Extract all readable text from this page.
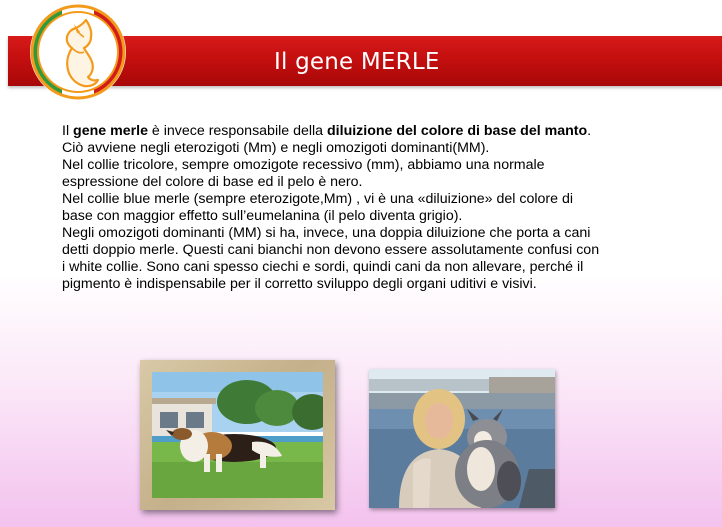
Il gene MERLE

Il gene merle è invece responsabile della diluizione del colore di base del manto. Ciò avviene negli eterozigoti (Mm) e negli omozigoti dominanti(MM).

Nel collie tricolore, sempre omozigote recessivo (mm), abbiamo una normale espressione del colore di base ed il pelo è nero.

Nel collie blue merle (sempre eterozigote,Mm) , vi è una «diluizione» del colore di base con maggior effetto sull’eumelanina (il pelo diventa grigio).

Negli omozigoti dominanti (MM) si ha, invece, una doppia diluizione che porta a cani detti doppio merle. Questi cani bianchi non devono essere assolutamente confusi con i white collie. Sono cani spesso ciechi e sordi, quindi cani da non allevare, perché il pigmento è indispensabile per il corretto sviluppo degli organi uditivi e visivi.
